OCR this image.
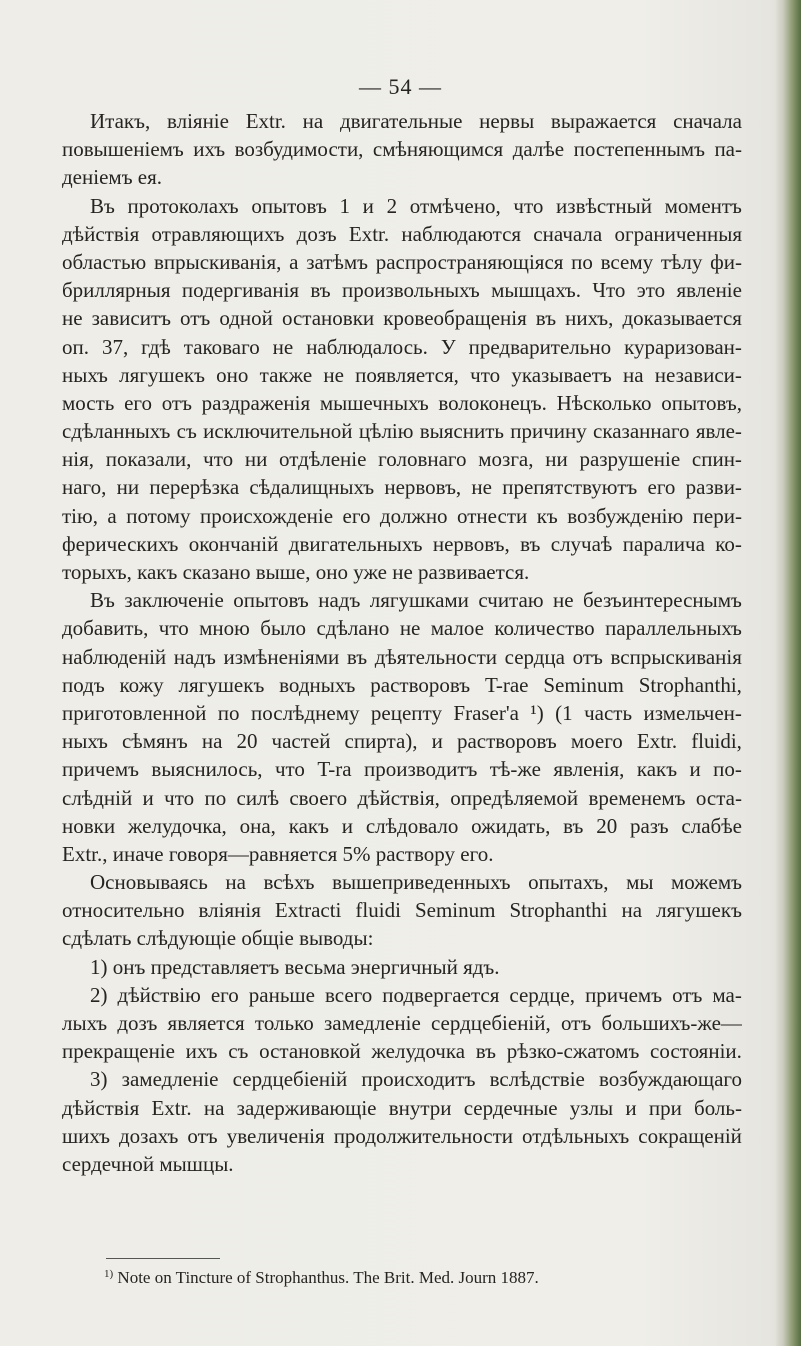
— 54 —
Итакъ, вліяніе Extr. на двигательные нервы выражается сначала
повышеніемъ ихъ возбудимости, смѣняющимся далѣе постепеннымъ па-
деніемъ ея.
Въ протоколахъ опытовъ 1 и 2 отмѣчено, что извѣстный моментъ
дѣйствія отравляющихъ дозъ Extr. наблюдаются сначала ограниченныя
областью впрыскиванія, а затѣмъ распространяющіяся по всему тѣлу фи-
бриллярныя подергиванія въ произвольныхъ мышцахъ. Что это явленіе
не зависитъ отъ одной остановки кровеобращенія въ нихъ, доказывается
оп. 37, гдѣ таковаго не наблюдалось. У предварительно кураризован-
ныхъ лягушекъ оно также не появляется, что указываетъ на независи-
мость его отъ раздраженія мышечныхъ волоконецъ. Нѣсколько опытовъ,
сдѣланныхъ съ исключительной цѣлію выяснить причину сказаннаго явле-
нія, показали, что ни отдѣленіе головнаго мозга, ни разрушеніе спин-
наго, ни перерѣзка сѣдалищныхъ нервовъ, не препятствуютъ его разви-
тію, а потому происхожденіе его должно отнести къ возбужденію пери-
ферическихъ окончаній двигательныхъ нервовъ, въ случаѣ паралича ко-
торыхъ, какъ сказано выше, оно уже не развивается.
Въ заключеніе опытовъ надъ лягушками считаю не безъинтереснымъ
добавить, что мною было сдѣлано не малое количество параллельныхъ
наблюденій надъ измѣненіями въ дѣятельности сердца отъ вспрыскиванія
подъ кожу лягушекъ водныхъ растворовъ T-rae Seminum Strophanthi,
приготовленной по послѣднему рецепту Fraser'a ¹) (1 часть измельчен-
ныхъ сѣмянъ на 20 частей спирта), и растворовъ моего Extr. fluidi,
причемъ выяснилось, что T-ra производитъ тѣ-же явленія, какъ и по-
слѣдній и что по силѣ своего дѣйствія, опредѣляемой временемъ оста-
новки желудочка, она, какъ и слѣдовало ожидать, въ 20 разъ слабѣе
Extr., иначе говоря—равняется 5% раствору его.
Основываясь на всѣхъ вышеприведенныхъ опытахъ, мы можемъ
относительно вліянія Extracti fluidi Seminum Strophanthi на лягушекъ
сдѣлать слѣдующіе общіе выводы:
1) онъ представляетъ весьма энергичный ядъ.
2) дѣйствію его раньше всего подвергается сердце, причемъ отъ ма-
лыхъ дозъ является только замедленіе сердцебіеній, отъ большихъ-же—
прекращеніе ихъ съ остановкой желудочка въ рѣзко-сжатомъ состояніи.
3) замедленіе сердцебіеній происходитъ вслѣдствіе возбуждающаго
дѣйствія Extr. на задерживающіе внутри сердечные узлы и при боль-
шихъ дозахъ отъ увеличенія продолжительности отдѣльныхъ сокращеній
сердечной мышцы.
$^{1)}$ Note on Tincture of Strophanthus. The Brit. Med. Journ 1887.
